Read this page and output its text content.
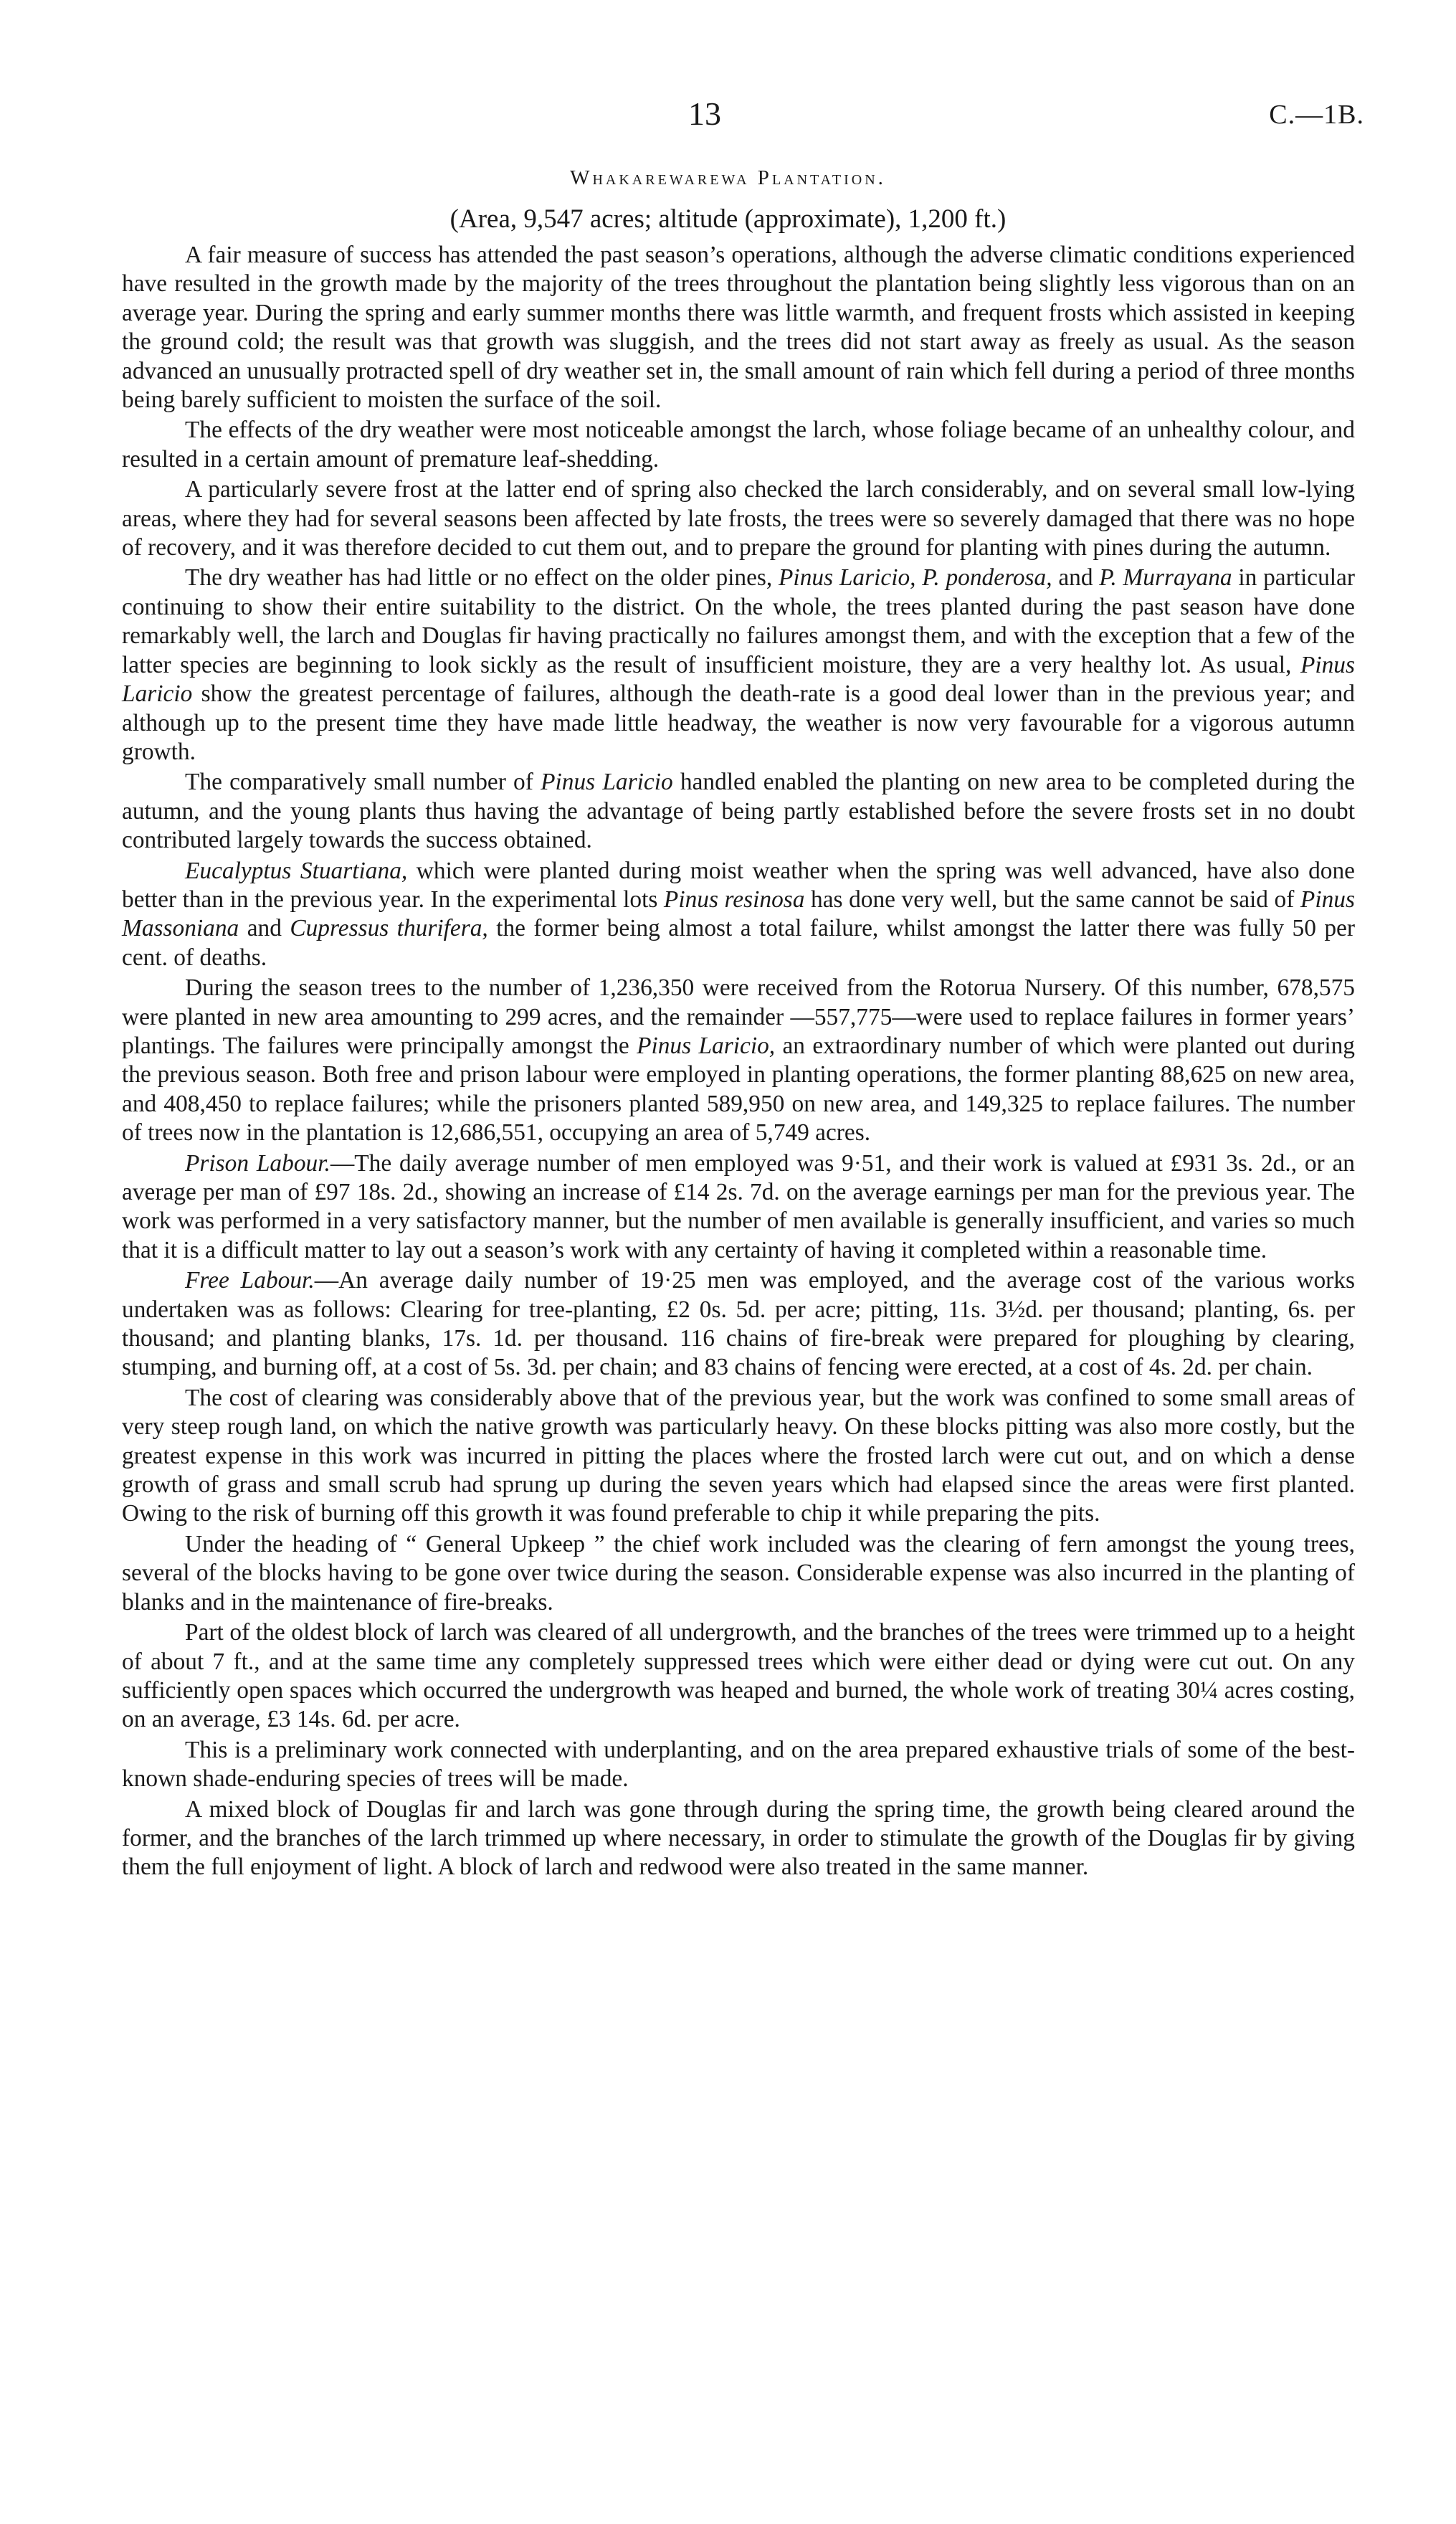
13	C.—1B.
Whakarewarewa Plantation.
(Area, 9,547 acres; altitude (approximate), 1,200 ft.)

A fair measure of success has attended the past season’s operations, although the adverse climatic conditions experienced have resulted in the growth made by the majority of the trees throughout the plantation being slightly less vigorous than on an average year. During the spring and early summer months there was little warmth, and frequent frosts which assisted in keeping the ground cold; the result was that growth was sluggish, and the trees did not start away as freely as usual. As the season advanced an unusually protracted spell of dry weather set in, the small amount of rain which fell during a period of three months being barely sufficient to moisten the surface of the soil.

The effects of the dry weather were most noticeable amongst the larch, whose foliage became of an unhealthy colour, and resulted in a certain amount of premature leaf-shedding.

A particularly severe frost at the latter end of spring also checked the larch considerably, and on several small low-lying areas, where they had for several seasons been affected by late frosts, the trees were so severely damaged that there was no hope of recovery, and it was therefore decided to cut them out, and to prepare the ground for planting with pines during the autumn.

The dry weather has had little or no effect on the older pines, Pinus Laricio, P. ponderosa, and P. Murrayana in particular continuing to show their entire suitability to the district. On the whole, the trees planted during the past season have done remarkably well, the larch and Douglas fir having practically no failures amongst them, and with the exception that a few of the latter species are beginning to look sickly as the result of insufficient moisture, they are a very healthy lot. As usual, Pinus Laricio show the greatest percentage of failures, although the death-rate is a good deal lower than in the previous year; and although up to the present time they have made little headway, the weather is now very favourable for a vigorous autumn growth.

The comparatively small number of Pinus Laricio handled enabled the planting on new area to be completed during the autumn, and the young plants thus having the advantage of being partly established before the severe frosts set in no doubt contributed largely towards the success obtained.

Eucalyptus Stuartiana, which were planted during moist weather when the spring was well advanced, have also done better than in the previous year. In the experimental lots Pinus resinosa has done very well, but the same cannot be said of Pinus Massoniana and Cupressus thurifera, the former being almost a total failure, whilst amongst the latter there was fully 50 per cent. of deaths.

During the season trees to the number of 1,236,350 were received from the Rotorua Nursery. Of this number, 678,575 were planted in new area amounting to 299 acres, and the remainder —557,775—were used to replace failures in former years’ plantings. The failures were principally amongst the Pinus Laricio, an extraordinary number of which were planted out during the previous season. Both free and prison labour were employed in planting operations, the former planting 88,625 on new area, and 408,450 to replace failures; while the prisoners planted 589,950 on new area, and 149,325 to replace failures. The number of trees now in the plantation is 12,686,551, occupying an area of 5,749 acres.

Prison Labour.—The daily average number of men employed was 9·51, and their work is valued at £931 3s. 2d., or an average per man of £97 18s. 2d., showing an increase of £14 2s. 7d. on the average earnings per man for the previous year. The work was performed in a very satisfactory manner, but the number of men available is generally insufficient, and varies so much that it is a difficult matter to lay out a season’s work with any certainty of having it completed within a reasonable time.

Free Labour.—An average daily number of 19·25 men was employed, and the average cost of the various works undertaken was as follows: Clearing for tree-planting, £2 0s. 5d. per acre; pitting, 11s. 3½d. per thousand; planting, 6s. per thousand; and planting blanks, 17s. 1d. per thousand. 116 chains of fire-break were prepared for ploughing by clearing, stumping, and burning off, at a cost of 5s. 3d. per chain; and 83 chains of fencing were erected, at a cost of 4s. 2d. per chain.

The cost of clearing was considerably above that of the previous year, but the work was confined to some small areas of very steep rough land, on which the native growth was particularly heavy. On these blocks pitting was also more costly, but the greatest expense in this work was incurred in pitting the places where the frosted larch were cut out, and on which a dense growth of grass and small scrub had sprung up during the seven years which had elapsed since the areas were first planted. Owing to the risk of burning off this growth it was found preferable to chip it while preparing the pits.

Under the heading of “ General Upkeep ” the chief work included was the clearing of fern amongst the young trees, several of the blocks having to be gone over twice during the season. Considerable expense was also incurred in the planting of blanks and in the maintenance of fire-breaks.

Part of the oldest block of larch was cleared of all undergrowth, and the branches of the trees were trimmed up to a height of about 7 ft., and at the same time any completely suppressed trees which were either dead or dying were cut out. On any sufficiently open spaces which occurred the undergrowth was heaped and burned, the whole work of treating 30¼ acres costing, on an average, £3 14s. 6d. per acre.

This is a preliminary work connected with underplanting, and on the area prepared exhaustive trials of some of the best-known shade-enduring species of trees will be made.

A mixed block of Douglas fir and larch was gone through during the spring time, the growth being cleared around the former, and the branches of the larch trimmed up where necessary, in order to stimulate the growth of the Douglas fir by giving them the full enjoyment of light. A block of larch and redwood were also treated in the same manner.
